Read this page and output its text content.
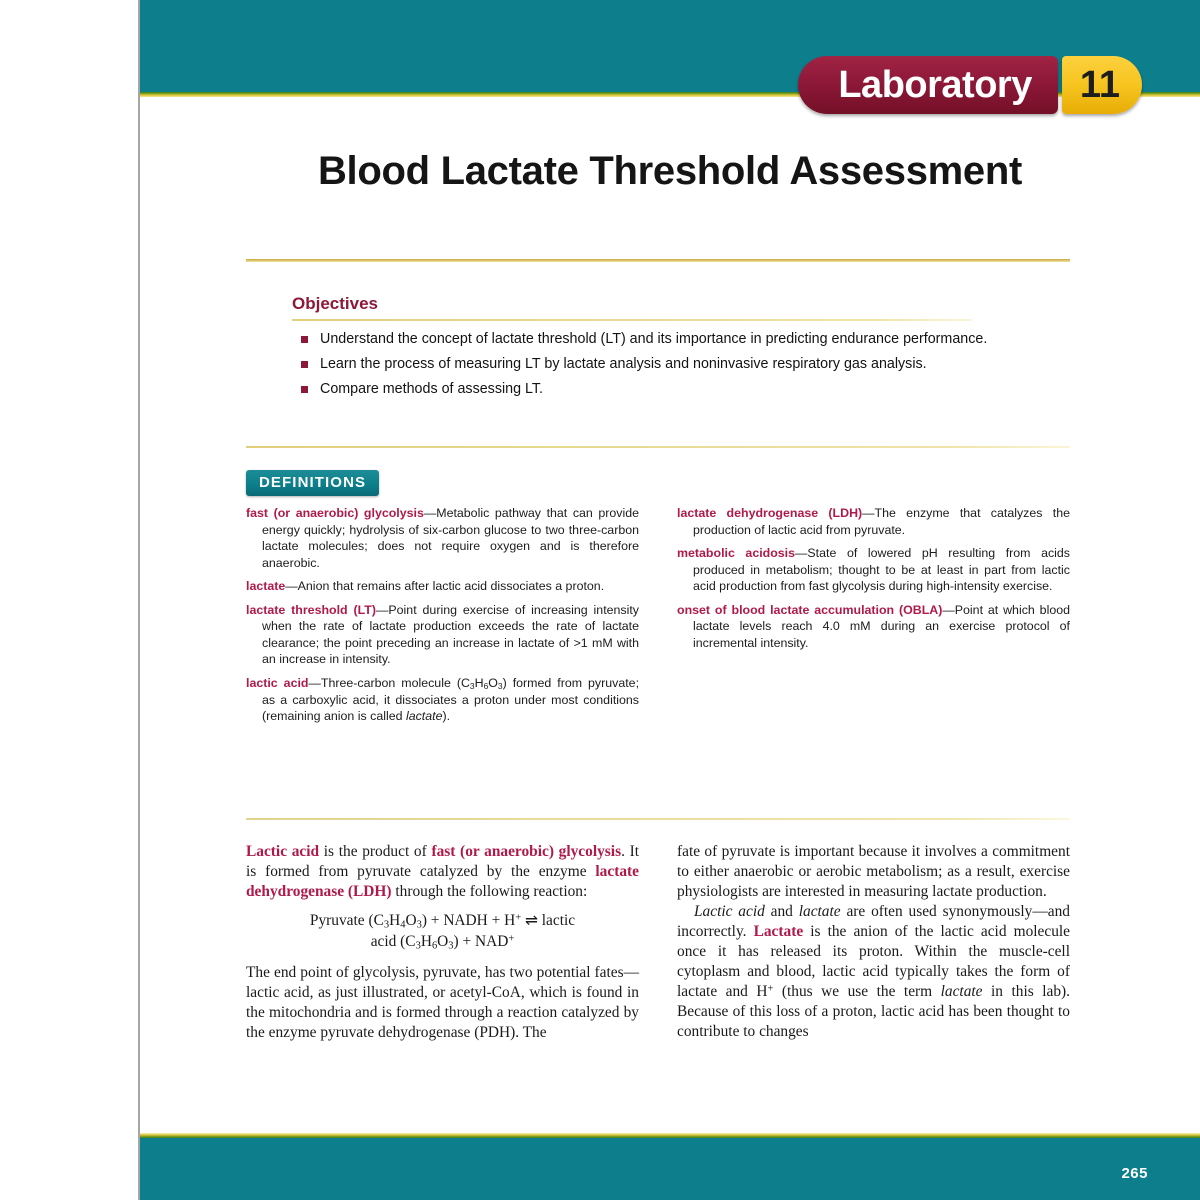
Laboratory	11
Blood Lactate Threshold Assessment
Objectives
Understand the concept of lactate threshold (LT) and its importance in predicting endurance performance.
Learn the process of measuring LT by lactate analysis and noninvasive respiratory gas analysis.
Compare methods of assessing LT.
DEFINITIONS
fast (or anaerobic) glycolysis—Metabolic pathway that can provide energy quickly; hydrolysis of six-carbon glucose to two three-carbon lactate molecules; does not require oxygen and is therefore anaerobic.
lactate—Anion that remains after lactic acid dissociates a proton.
lactate threshold (LT)—Point during exercise of increasing intensity when the rate of lactate production exceeds the rate of lactate clearance; the point preceding an increase in lactate of >1 mM with an increase in intensity.
lactic acid—Three-carbon molecule $(C_3H_6O_3)$ formed from pyruvate; as a carboxylic acid, it dissociates a proton under most conditions (remaining anion is called lactate).
lactate dehydrogenase (LDH)—The enzyme that catalyzes the production of lactic acid from pyruvate.
metabolic acidosis—State of lowered pH resulting from acids produced in metabolism; thought to be at least in part from lactic acid production from fast glycolysis during high-intensity exercise.
onset of blood lactate accumulation (OBLA)—Point at which blood lactate levels reach 4.0 mM during an exercise protocol of incremental intensity.

Lactic acid is the product of fast (or anaerobic) glycolysis. It is formed from pyruvate catalyzed by the enzyme lactate dehydrogenase (LDH) through the following reaction:

Pyruvate $(C_3H_4O_3)$ + NADH + H+ ⇌ lactic
acid $(C_3H_6O_3) + NAD^+$

The end point of glycolysis, pyruvate, has two potential fates—lactic acid, as just illustrated, or acetyl-CoA, which is found in the mitochondria and is formed through a reaction catalyzed by the enzyme pyruvate dehydrogenase (PDH). The

fate of pyruvate is important because it involves a commitment to either anaerobic or aerobic metabolism; as a result, exercise physiologists are interested in measuring lactate production.

Lactic acid and lactate are often used synonymously—and incorrectly. Lactate is the anion of the lactic acid molecule once it has released its proton. Within the muscle-cell cytoplasm and blood, lactic acid typically takes the form of lactate and H+ (thus we use the term lactate in this lab). Because of this loss of a proton, lactic acid has been thought to contribute to changes

265
